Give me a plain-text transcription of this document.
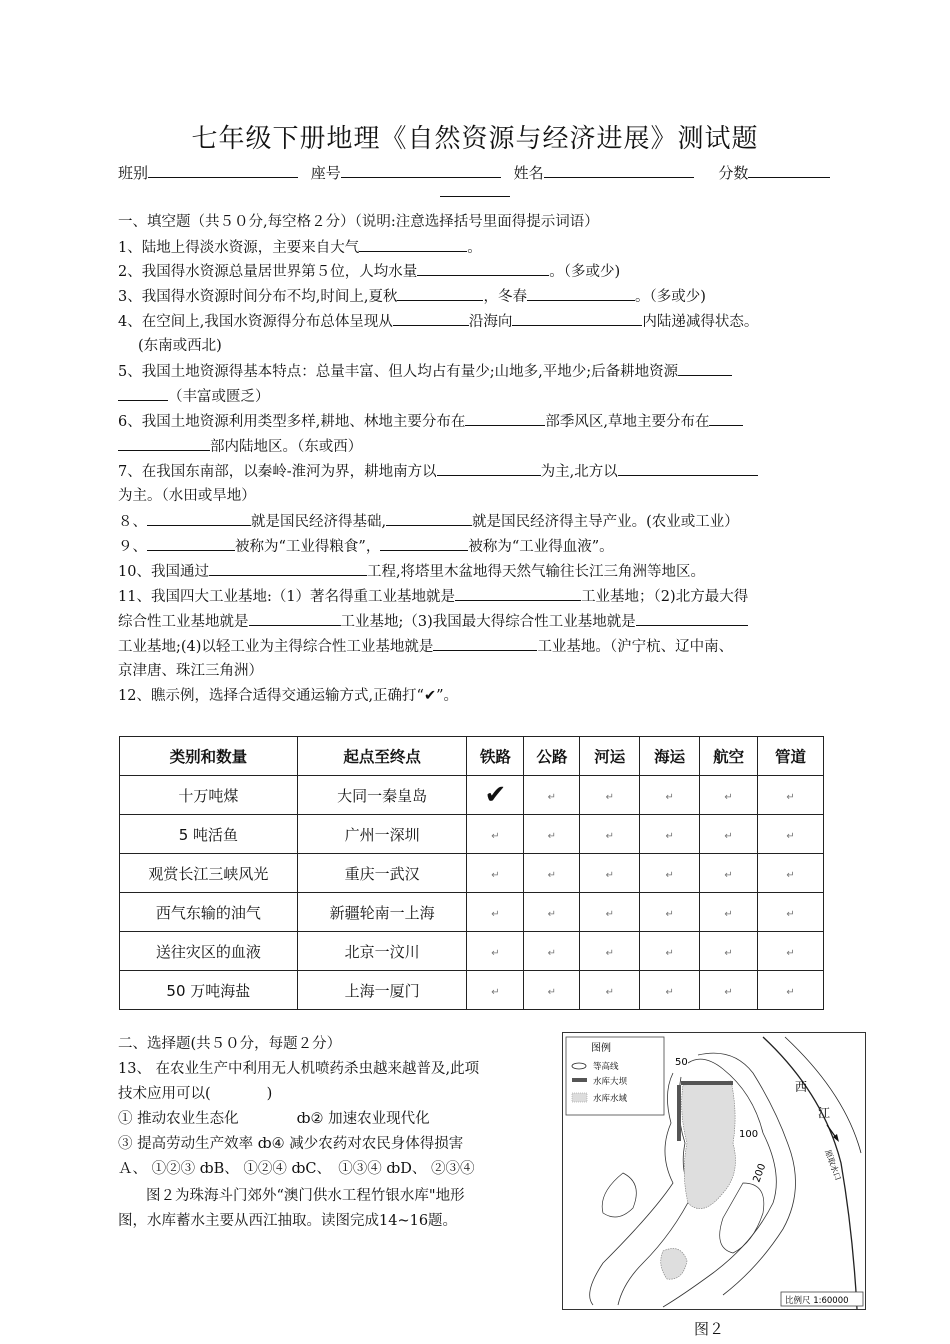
七年级下册地理《自然资源与经济进展》测试题
班别	座号	姓名	分数
一、填空题（共５０分,每空格２分）（说明:注意选择括号里面得提示词语）
1、陆地上得淡水资源，主要来自大气	。
2、我国得水资源总量居世界第５位，人均水量	。（多或少)
3、我国得水资源时间分布不均,时间上,夏秋	，冬春	。（多或少)
4、在空间上,我国水资源得分布总体呈现从	沿海向	内陆递减得状态。
(东南或西北)
5、我国土地资源得基本特点：总量丰富、但人均占有量少;山地多,平地少;后备耕地资源
（丰富或匮乏）
6、我国土地资源利用类型多样,耕地、林地主要分布在	部季风区,草地主要分布在
部内陆地区。（东或西）
7、在我国东南部，以秦岭-淮河为界，耕地南方以	为主,北方以
为主。（水田或旱地）
８、	就是国民经济得基础,	就是国民经济得主导产业。(农业或工业）
９、	被称为“工业得粮食”，	被称为“工业得血液”。
10、我国通过	工程,将塔里木盆地得天然气输往长江三角洲等地区。
11、我国四大工业基地:（1）著名得重工业基地就是	工业基地；（2)北方最大得
综合性工业基地就是	工业基地;（3)我国最大得综合性工业基地就是
工业基地;(4)以轻工业为主得综合性工业基地就是	工业基地。（沪宁杭、辽中南、
京津唐、珠江三角洲）
12、瞧示例，选择合适得交通运输方式,正确打“✔”。
类别和数量	起点至终点	铁路	公路	河运	海运	航空	管道
十万吨煤	大同一秦皇岛	✔	↵	↵	↵	↵	↵
5 吨活鱼	广州一深圳	↵	↵	↵	↵	↵	↵
观赏长江三峡风光	重庆一武汉	↵	↵	↵	↵	↵	↵
西气东输的油气	新疆轮南一上海	↵	↵	↵	↵	↵	↵
送往灾区的血液	北京一汶川	↵	↵	↵	↵	↵	↵
50 万吨海盐	上海一厦门	↵	↵	↵	↵	↵	↵
二、选择题(共５０分，每题２分）
13、 在农业生产中利用无人机喷药杀虫越来越普及,此项
技术应用可以(	)
① 推动农业生态化	ȸ② 加速农业现代化
③ 提高劳动生产效率 ȸ④ 减少农药对农民身体得损害
Ａ、 ①②③ ȸB、 ①②④ ȸC、　①③④ ȸD、 ②③④
图２为珠海斗门郊外“澳门供水工程竹银水库"地形
图，水库蓄水主要从西江抽取。读图完成14~16题。
图例
等高线
水库大坝
水库水域
西
江
原取水口
50
100
200
比例尺 1:60000
图２
